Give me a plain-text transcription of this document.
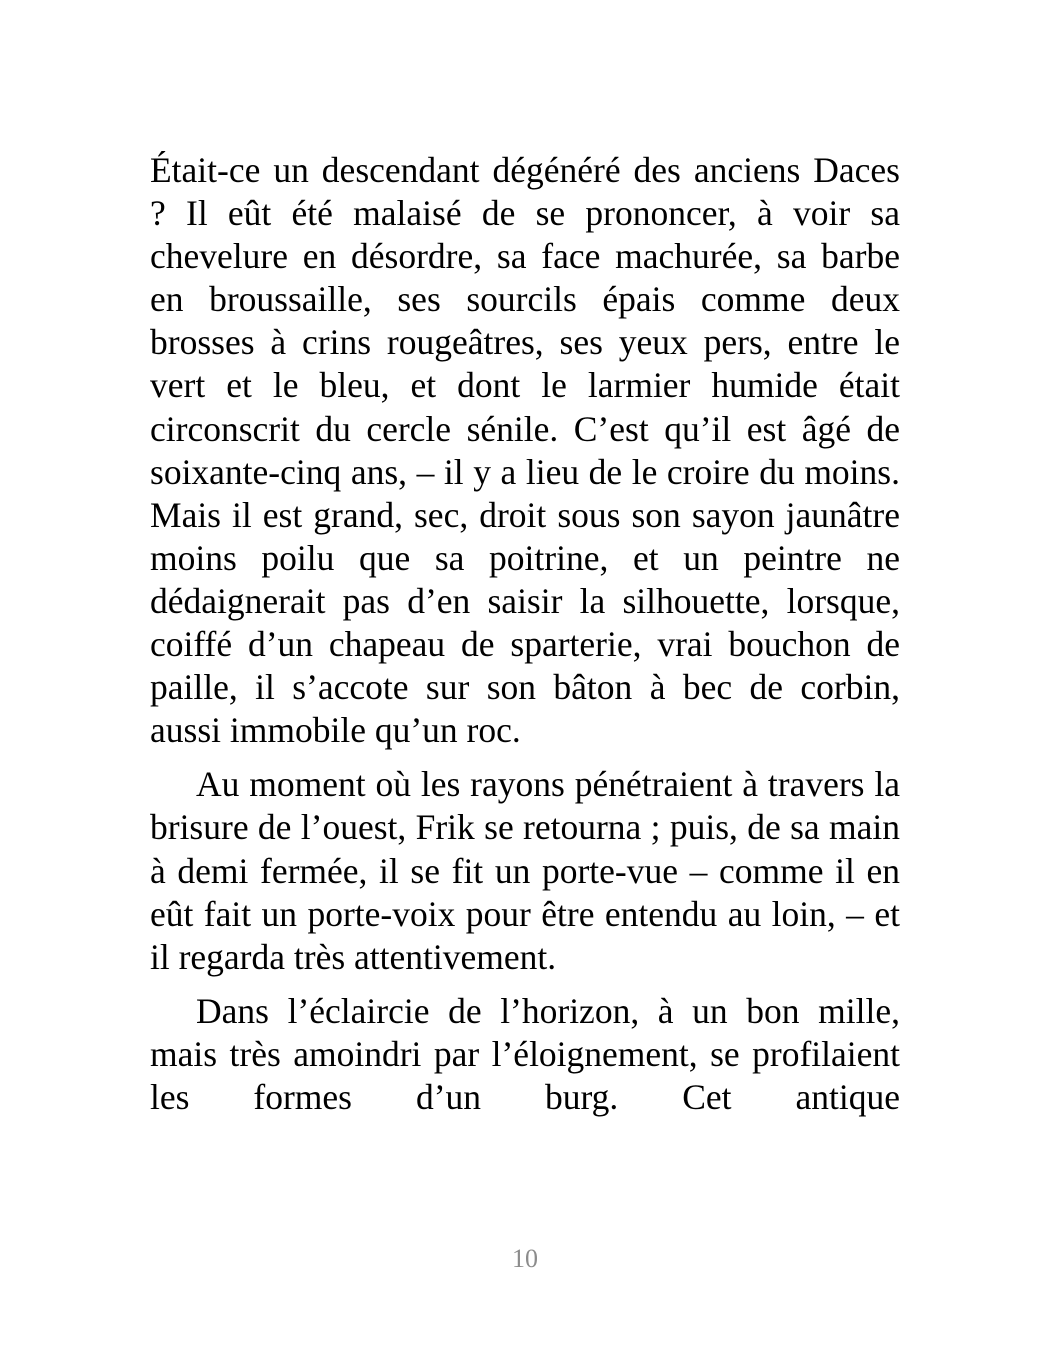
Était-ce un descendant dégénéré des anciens Daces ? Il eût été malaisé de se prononcer, à voir sa chevelure en désordre, sa face machurée, sa barbe en broussaille, ses sourcils épais comme deux brosses à crins rougeâtres, ses yeux pers, entre le vert et le bleu, et dont le larmier humide était circonscrit du cercle sénile. C’est qu’il est âgé de soixante-cinq ans, – il y a lieu de le croire du moins. Mais il est grand, sec, droit sous son sayon jaunâtre moins poilu que sa poitrine, et un peintre ne dédaignerait pas d’en saisir la silhouette, lorsque, coiffé d’un chapeau de sparterie, vrai bouchon de paille, il s’accote sur son bâton à bec de corbin, aussi immobile qu’un roc.

Au moment où les rayons pénétraient à travers la brisure de l’ouest, Frik se retourna ; puis, de sa main à demi fermée, il se fit un porte-vue – comme il en eût fait un porte-voix pour être entendu au loin, – et il regarda très attentivement.

Dans l’éclaircie de l’horizon, à un bon mille, mais très amoindri par l’éloignement, se profilaient les formes d’un burg. Cet antique

10
